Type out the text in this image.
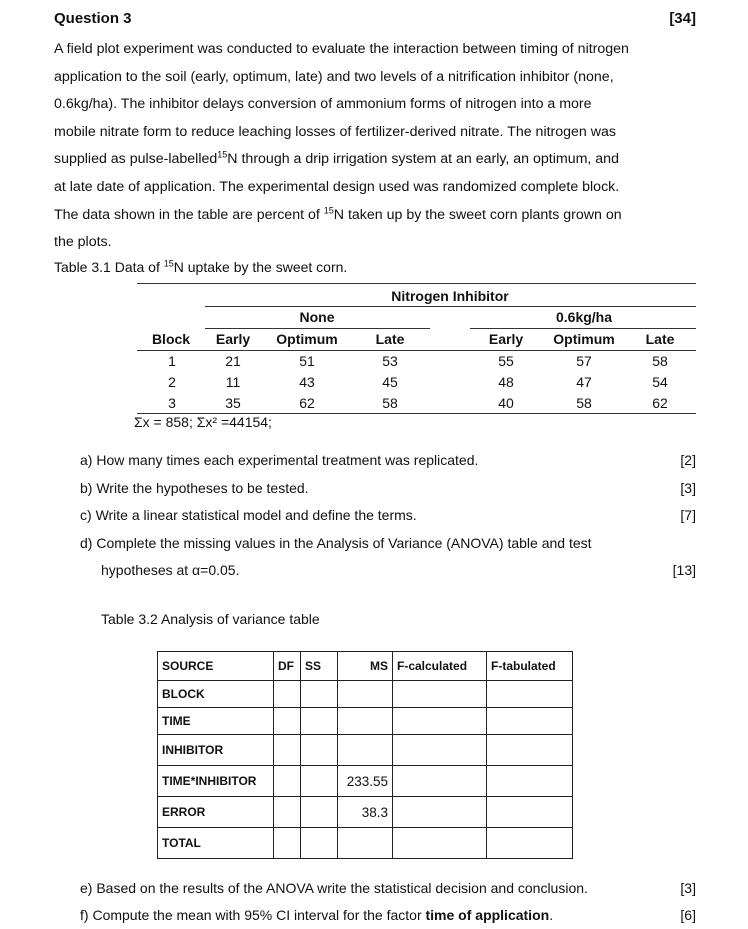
Question 3	[34]

A field plot experiment was conducted to evaluate the interaction between timing of nitrogen

application to the soil (early, optimum, late) and two levels of a nitrification inhibitor (none,

0.6kg/ha). The inhibitor delays conversion of ammonium forms of nitrogen into a more

mobile nitrate form to reduce leaching losses of fertilizer-derived nitrate. The nitrogen was

supplied as pulse-labelled$^{15}$N through a drip irrigation system at an early, an optimum, and

at late date of application. The experimental design used was randomized complete block.

The data shown in the table are percent of $^{15}$N taken up by the sweet corn plants grown on

the plots.

Table 3.1 Data of $^{15}$N uptake by the sweet corn.
Nitrogen Inhibitor
None	0.6kg/ha
Block Early Optimum	Late	Early Optimum Late
1	21	51	53	55	57	58
2	11	43	45	48	47	54
3	35	62	58	40	58	62
Σx = 858; Σx² =44154;
a) How many times each experimental treatment was replicated.	[2]
b) Write the hypotheses to be tested.	[3]
c) Write a linear statistical model and define the terms.	[7]
d) Complete the missing values in the Analysis of Variance (ANOVA) table and test
hypotheses at α=0.05.	[13]
Table 3.2 Analysis of variance table
SOURCE	DF	SS	MS	F-calculated	F-tabulated
BLOCK					
TIME					
INHIBITOR					
TIME*INHIBITOR			233.55		
ERROR			38.3		
TOTAL					
e) Based on the results of the ANOVA write the statistical decision and conclusion.	[3]
f) Compute the mean with 95% CI interval for the factor time of application.	[6]
